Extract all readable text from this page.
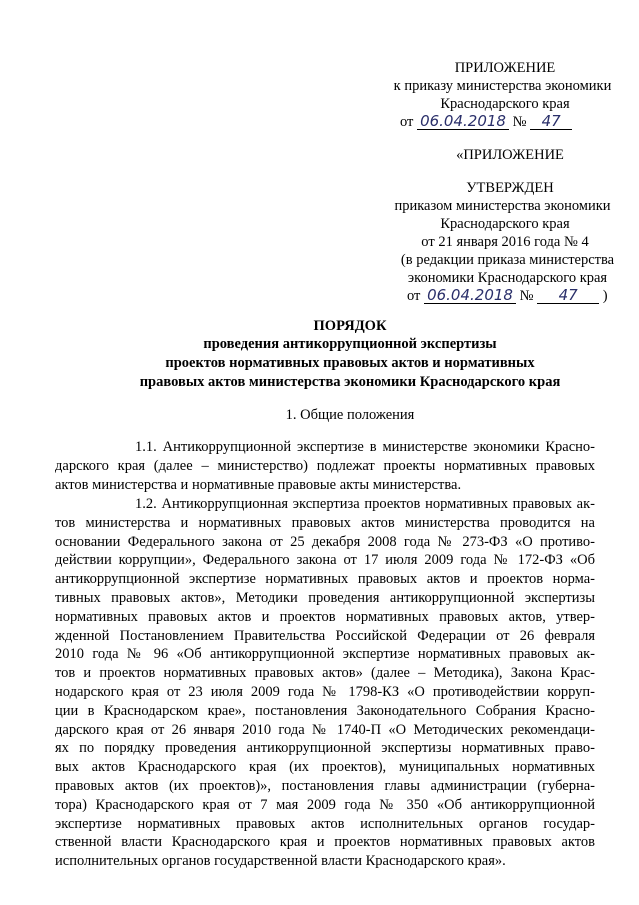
ПРИЛОЖЕНИЕ
к приказу министерства экономики
Краснодарского края
от 06.04.2018 № 47
«ПРИЛОЖЕНИЕ
УТВЕРЖДЕН
приказом министерства экономики
Краснодарского края
от 21 января 2016 года № 4
(в редакции приказа министерства
экономики Краснодарского края
от 06.04.2018 № 47 )
ПОРЯДОК
проведения антикоррупционной экспертизы
проектов нормативных правовых актов и нормативных
правовых актов министерства экономики Краснодарского края
1. Общие положения

1.1. Антикоррупционной экспертизе в министерстве экономики Красно-
дарского края (далее – министерство) подлежат проекты нормативных правовых
актов министерства и нормативные правовые акты министерства.

1.2. Антикоррупционная экспертиза проектов нормативных правовых ак-
тов министерства и нормативных правовых актов министерства проводится на
основании Федерального закона от 25 декабря 2008 года № 273-ФЗ «О противо-
действии коррупции», Федерального закона от 17 июля 2009 года № 172-ФЗ «Об
антикоррупционной экспертизе нормативных правовых актов и проектов норма-
тивных правовых актов», Методики проведения антикоррупционной экспертизы
нормативных правовых актов и проектов нормативных правовых актов, утвер-
жденной Постановлением Правительства Российской Федерации от 26 февраля
2010 года № 96 «Об антикоррупционной экспертизе нормативных правовых ак-
тов и проектов нормативных правовых актов» (далее – Методика), Закона Крас-
нодарского края от 23 июля 2009 года № 1798-КЗ «О противодействии корруп-
ции в Краснодарском крае», постановления Законодательного Собрания Красно-
дарского края от 26 января 2010 года № 1740-П «О Методических рекомендаци-
ях по порядку проведения антикоррупционной экспертизы нормативных право-
вых актов Краснодарского края (их проектов), муниципальных нормативных
правовых актов (их проектов)», постановления главы администрации (губерна-
тора) Краснодарского края от 7 мая 2009 года № 350 «Об антикоррупционной
экспертизе нормативных правовых актов исполнительных органов государ-
ственной власти Краснодарского края и проектов нормативных правовых актов
исполнительных органов государственной власти Краснодарского края».
